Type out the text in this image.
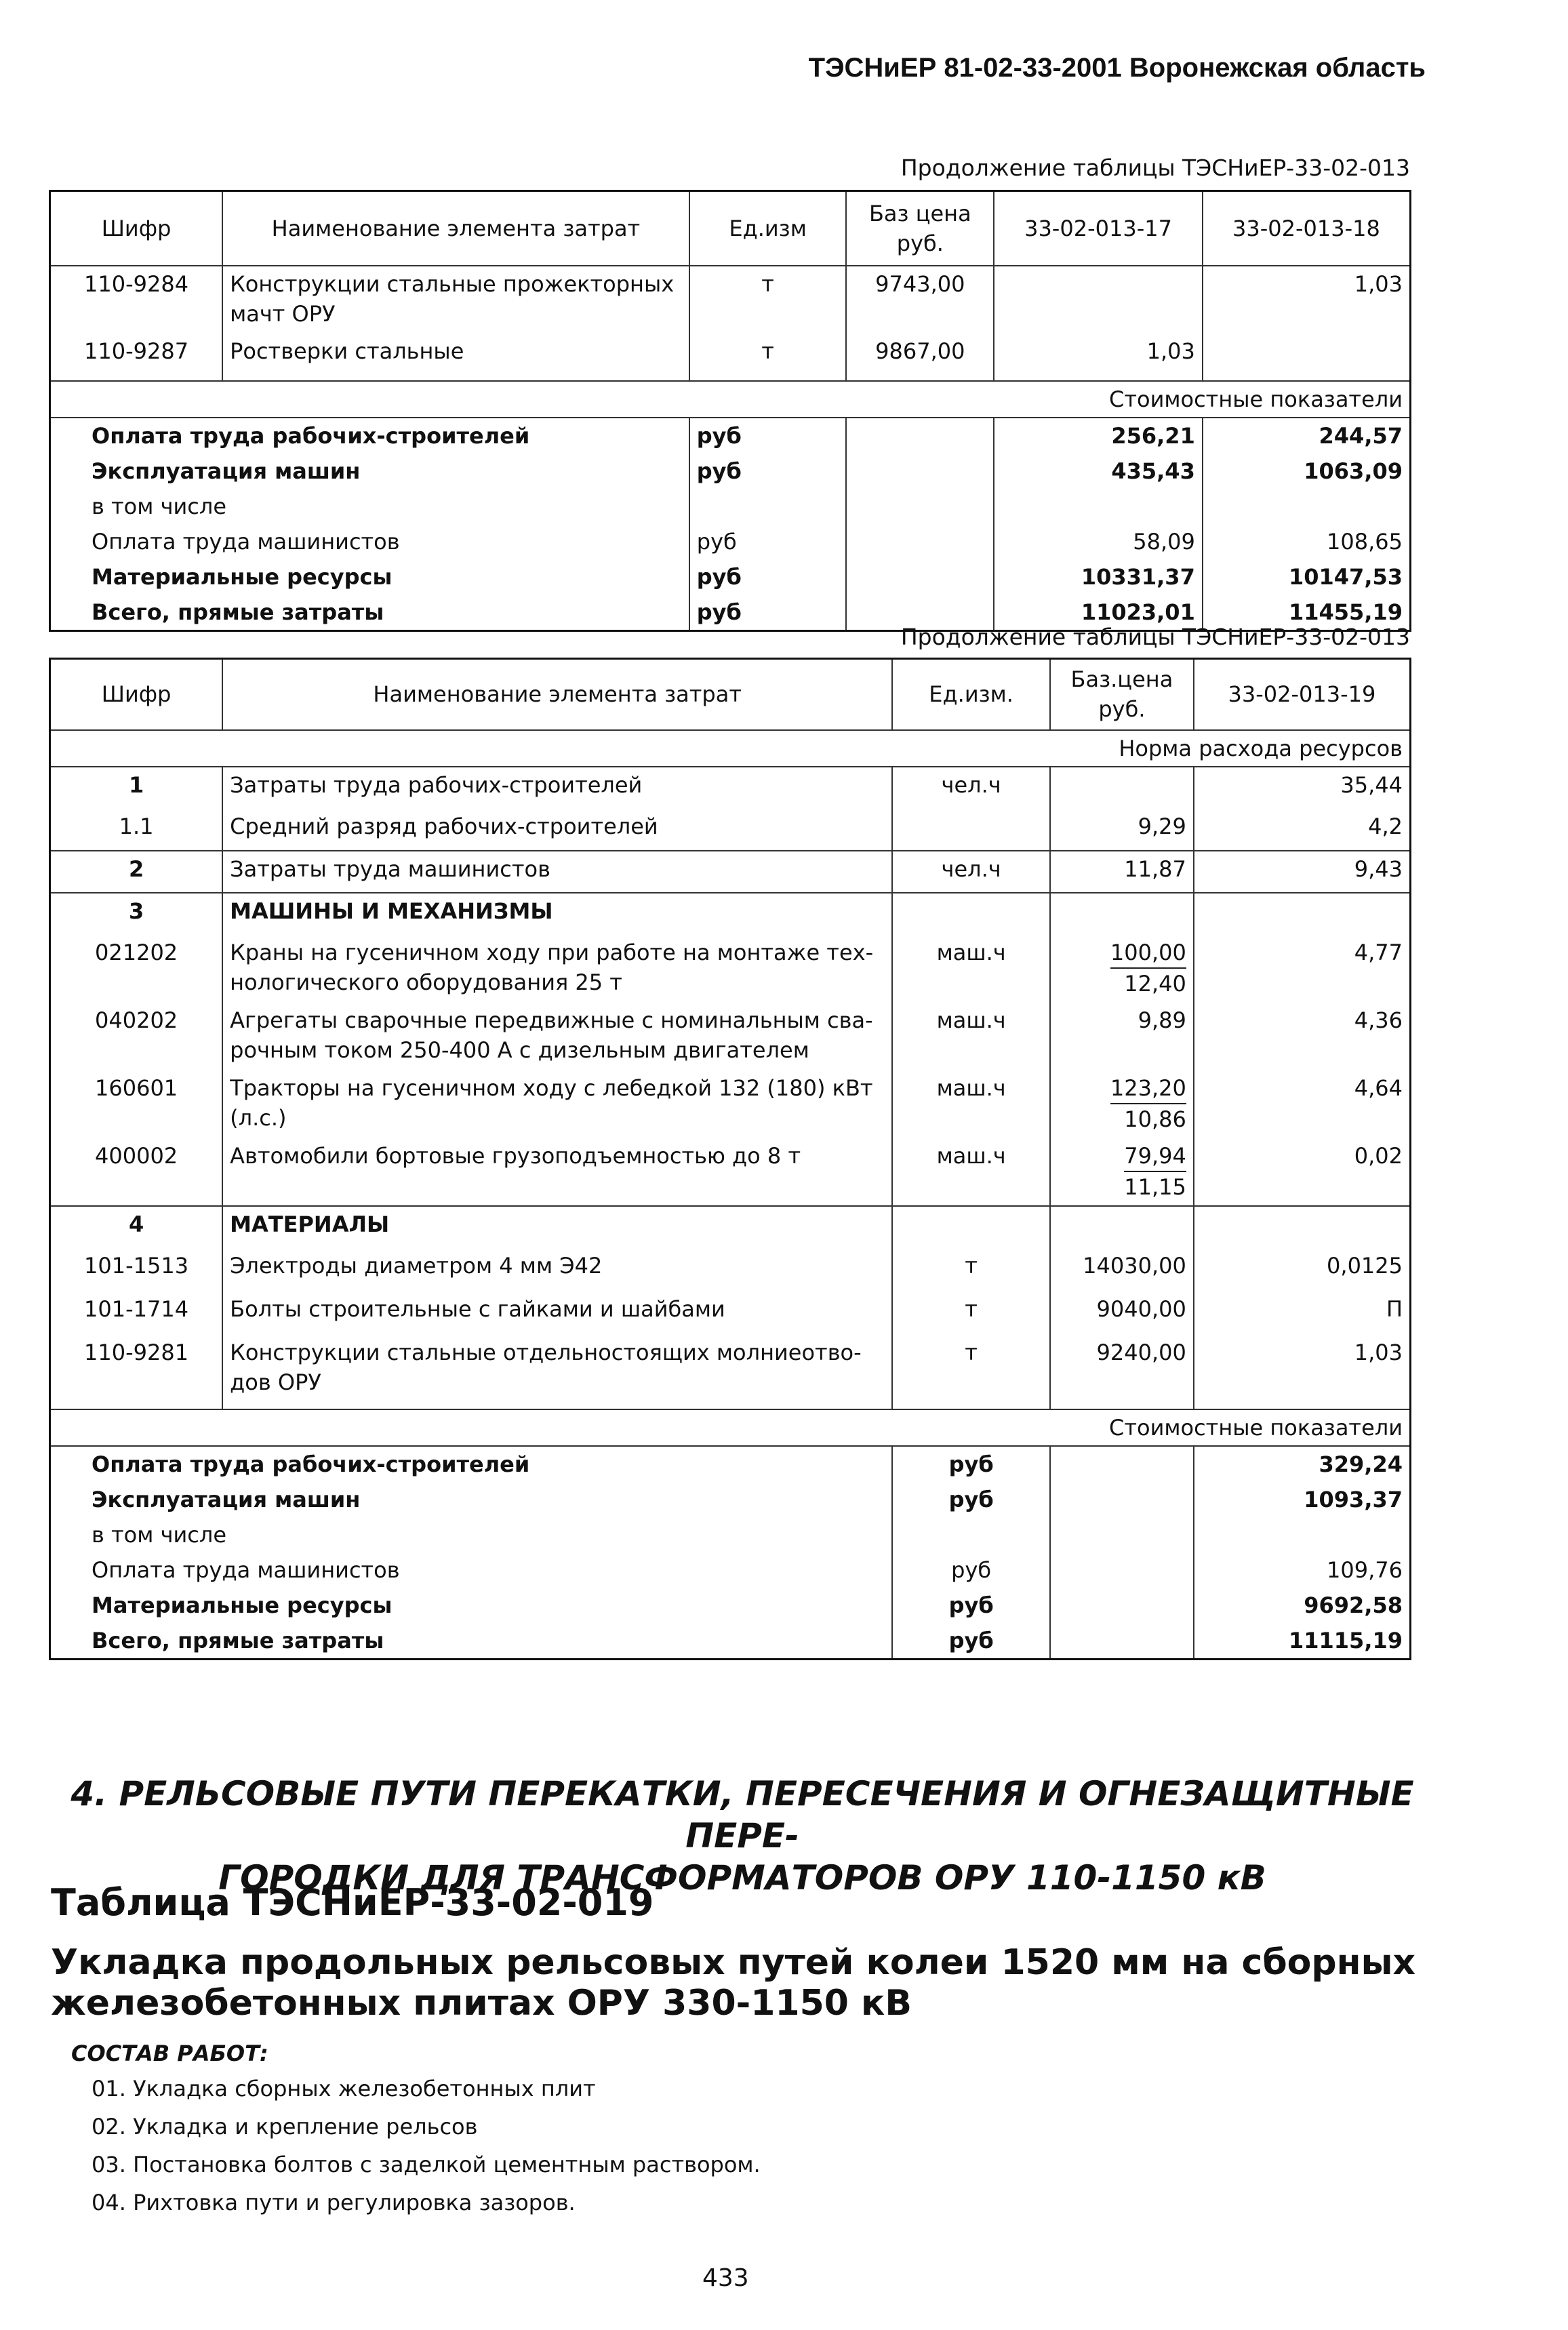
ТЭСНиЕР 81-02-33-2001 Воронежская область
Продолжение таблицы ТЭСНиЕР-33-02-013
Шифр	Наименование элемента затрат	Ед.изм	Баз цена руб.	33-02-013-17	33-02-013-18
110-9284	Конструкции стальные прожекторных мачт ОРУ	т	9743,00		1,03
110-9287	Ростверки стальные	т	9867,00	1,03	
Стоимостные показатели					
Оплата труда рабочих-строителей		руб		256,21	244,57
Эксплуатация машин		руб		435,43	1063,09
в том числе					
Оплата труда машинистов		руб		58,09	108,65
Материальные ресурсы		руб		10331,37	10147,53
Всего, прямые затраты		руб		11023,01	11455,19
Продолжение таблицы ТЭСНиЕР-33-02-013
Шифр	Наименование элемента затрат	Ед.изм.	Баз.цена руб.	33-02-013-19
Норма расхода ресурсов				
1	Затраты труда рабочих-строителей	чел.ч		35,44
1.1	Средний разряд рабочих-строителей		9,29	4,2
2	Затраты труда машинистов	чел.ч	11,87	9,43
3	МАШИНЫ И МЕХАНИЗМЫ			
021202	Краны на гусеничном ходу при работе на монтаже тех-нологического оборудования 25 т	маш.ч	$\frac{100,00}{12,40}$	4,77
040202	Агрегаты сварочные передвижные с номинальным сва-рочным током 250-400 А с дизельным двигателем	маш.ч	9,89	4,36
160601	Тракторы на гусеничном ходу с лебедкой 132 (180) кВт (л.с.)	маш.ч	$\frac{123,20}{10,86}$	4,64
400002	Автомобили бортовые грузоподъемностью до 8 т	маш.ч	$\frac{79,94}{11,15}$	0,02
4	МАТЕРИАЛЫ			
101-1513	Электроды диаметром 4 мм Э42	т	14030,00	0,0125
101-1714	Болты строительные с гайками и шайбами	т	9040,00	П
110-9281	Конструкции стальные отдельностоящих молниеотво-дов ОРУ	т	9240,00	1,03
Стоимостные показатели				
Оплата труда рабочих-строителей		руб		329,24
Эксплуатация машин		руб		1093,37
в том числе				
Оплата труда машинистов		руб		109,76
Материальные ресурсы		руб		9692,58
Всего, прямые затраты		руб		11115,19
4. РЕЛЬСОВЫЕ ПУТИ ПЕРЕКАТКИ, ПЕРЕСЕЧЕНИЯ И ОГНЕЗАЩИТНЫЕ ПЕРЕ-
ГОРОДКИ ДЛЯ ТРАНСФОРМАТОРОВ ОРУ 110-1150 кВ
Таблица ТЭСНиЕР-33-02-019
Укладка продольных рельсовых путей колеи 1520 мм на сборных железобетонных плитах ОРУ 330-1150 кВ
СОСТАВ РАБОТ:
01. Укладка сборных железобетонных плит
02. Укладка и крепление рельсов
03. Постановка болтов с заделкой цементным раствором.
04. Рихтовка пути и регулировка зазоров.
433
